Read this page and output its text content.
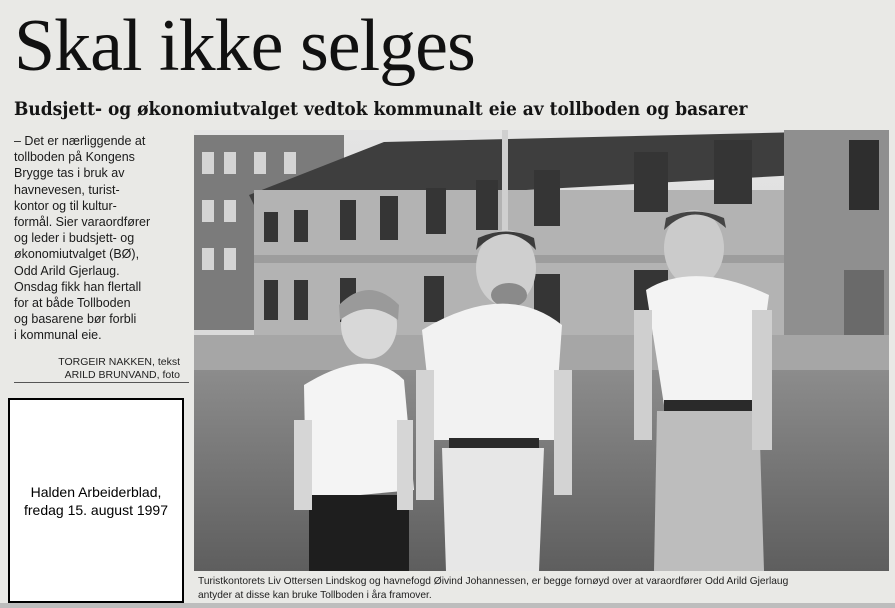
Skal ikke selges
Budsjett- og økonomiutvalget vedtok kommunalt eie av tollboden og basarer
– Det er nærliggende at
tollboden på Kongens
Brygge tas i bruk av
havnevesen, turist-
kontor og til kultur-
formål. Sier varaordfører
og leder i budsjett- og
økonomiutvalget (BØ),
Odd Arild Gjerlaug.
Onsdag fikk han flertall
for at både Tollboden
og basarene bør forbli
i kommunal eie.
TORGEIR NAKKEN, tekst
ARILD BRUNVAND, foto
Halden Arbeiderblad,
fredag 15. august 1997
Turistkontorets Liv Ottersen Lindskog og havnefogd Øivind Johannessen, er begge fornøyd over at varaordfører Odd Arild Gjerlaug
antyder at disse kan bruke Tollboden i åra framover.
